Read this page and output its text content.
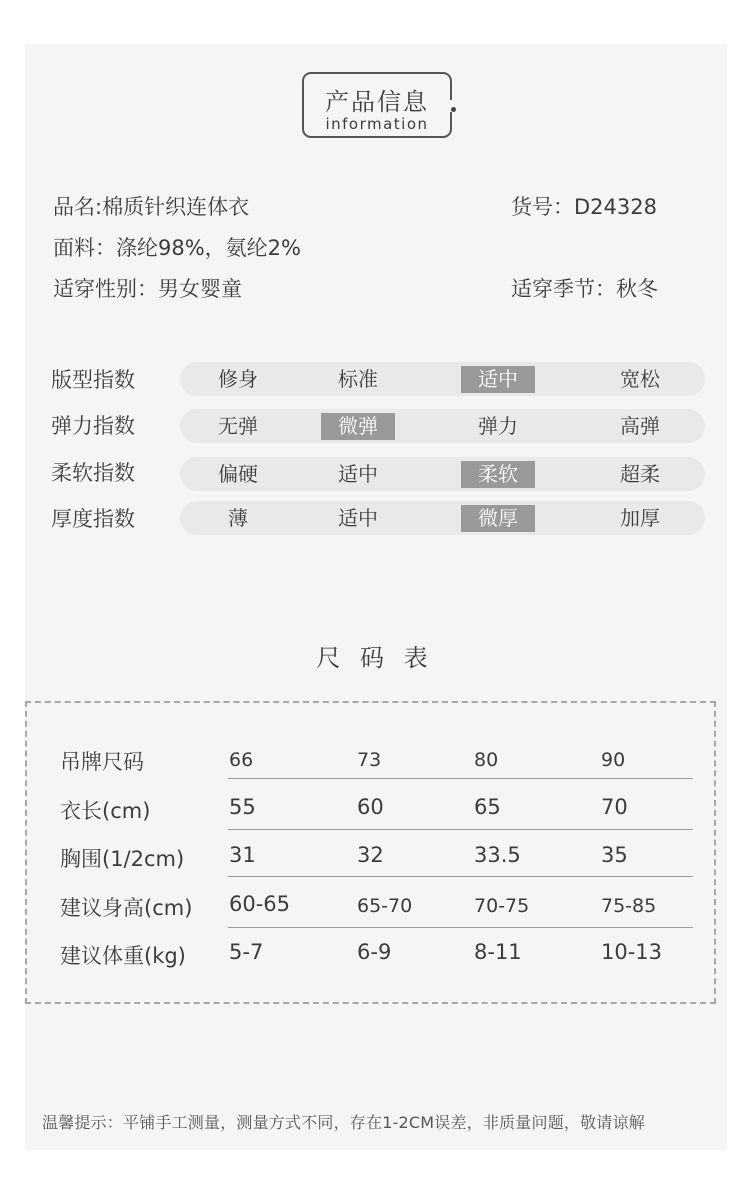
产品信息
information
品名:棉质针织连体衣	货号：D24328
面料：涤纶98%，氨纶2%
适穿性别：男女婴童	适穿季节：秋冬
版型指数	修身	标准	适中	宽松
弹力指数	无弹	微弹	弹力	高弹
柔软指数	偏硬	适中	柔软	超柔
厚度指数	薄	适中	微厚	加厚
尺 码 表
吊牌尺码	66	73	80	90
衣长(cm)	55	60	65	70
胸围(1/2cm) 31	32	33.5	35
建议身高(cm) 60-65	65-70	70-75	75-85
建议体重(kg) 5-7	6-9	8-11	10-13
温馨提示：平铺手工测量，测量方式不同，存在1-2CM误差，非质量问题，敬请谅解
